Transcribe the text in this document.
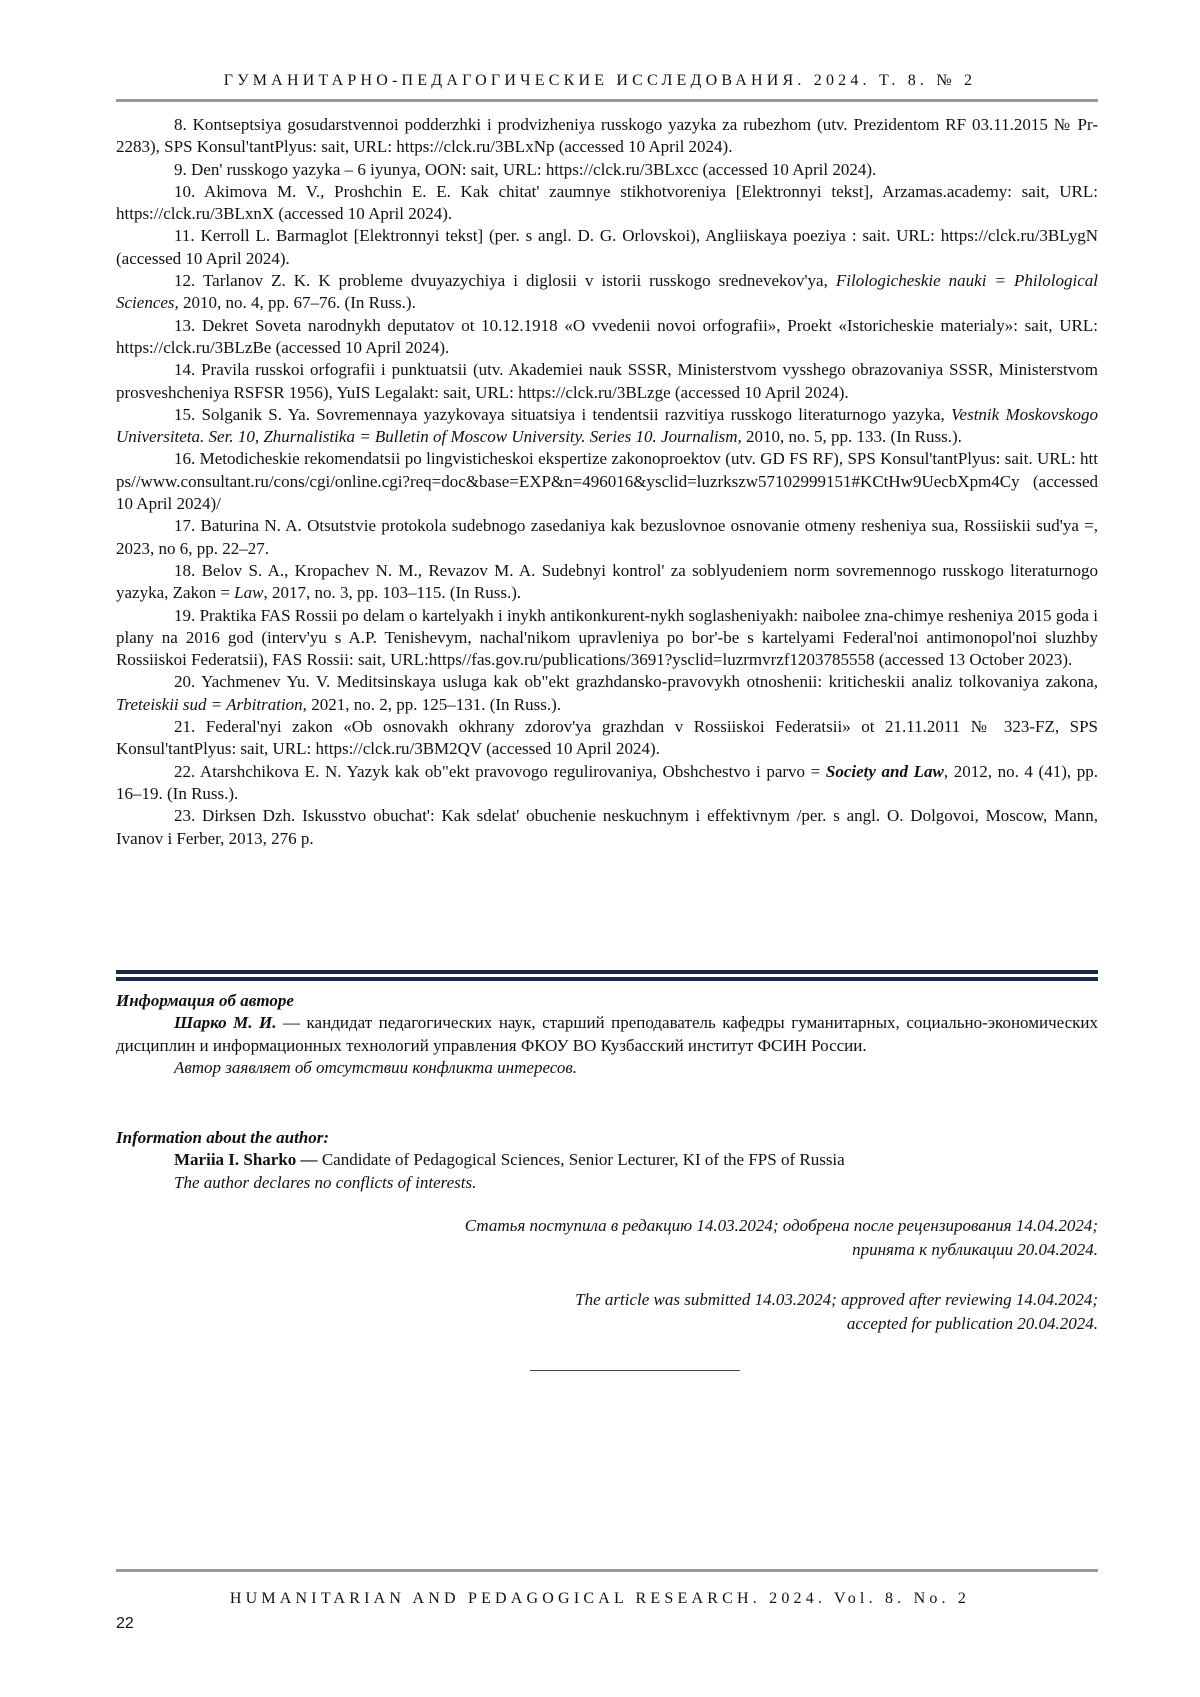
ГУМАНИТАРНО-ПЕДАГОГИЧЕСКИЕ ИССЛЕДОВАНИЯ. 2024. Т. 8. № 2

8. Kontseptsiya gosudarstvennoi podderzhki i prodvizheniya russkogo yazyka za rubezhom (utv. Prezidentom RF 03.11.2015 № Pr-2283), SPS Konsul'tantPlyus: sait, URL: https://clck.ru/3BLxNp (accessed 10 April 2024).

9. Den' russkogo yazyka – 6 iyunya, OON: sait, URL: https://clck.ru/3BLxcc (accessed 10 April 2024).

10. Akimova M. V., Proshchin E. E. Kak chitat' zaumnye stikhotvoreniya [Elektronnyi tekst], Arzamas.academy: sait, URL: https://clck.ru/3BLxnX (accessed 10 April 2024).

11. Kerroll L. Barmaglot [Elektronnyi tekst] (per. s angl. D. G. Orlovskoi), Angliiskaya poeziya : sait. URL: https://clck.ru/3BLygN (accessed 10 April 2024).

12. Tarlanov Z. K. K probleme dvuyazychiya i diglosii v istorii russkogo srednevekov'ya, Filologicheskie nauki = Philological Sciences, 2010, no. 4, pp. 67–76. (In Russ.).

13. Dekret Soveta narodnykh deputatov ot 10.12.1918 «O vvedenii novoi orfografii», Proekt «Istoricheskie materialy»: sait, URL: https://clck.ru/3BLzBe (accessed 10 April 2024).

14. Pravila russkoi orfografii i punktuatsii (utv. Akademiei nauk SSSR, Ministerstvom vysshego obrazovaniya SSSR, Ministerstvom prosveshcheniya RSFSR 1956), YuIS Legalakt: sait, URL: https://clck.ru/3BLzge (accessed 10 April 2024).

15. Solganik S. Ya. Sovremennaya yazykovaya situatsiya i tendentsii razvitiya russkogo literaturnogo yazyka, Vestnik Moskovskogo Universiteta. Ser. 10, Zhurnalistika = Bulletin of Moscow University. Series 10. Journalism, 2010, no. 5, pp. 133. (In Russ.).

16. Metodicheskie rekomendatsii po lingvisticheskoi ekspertize zakonoproektov (utv. GD FS RF), SPS Konsul'tantPlyus: sait. URL: https//www.consultant.ru/cons/cgi/online.cgi?req=doc&base=EXP&n=496016&ysclid=luzrkszw57102999151#KCtHw9UecbXpm4Cy (accessed 10 April 2024)/

17. Baturina N. A. Otsutstvie protokola sudebnogo zasedaniya kak bezuslovnoe osnovanie otmeny resheniya sua, Rossiiskii sud'ya =, 2023, no 6, pp. 22–27.

18. Belov S. A., Kropachev N. M., Revazov M. A. Sudebnyi kontrol' za soblyudeniem norm sovremennogo russkogo literaturnogo yazyka, Zakon = Law, 2017, no. 3, pp. 103–115. (In Russ.).

19. Praktika FAS Rossii po delam o kartelyakh i inykh antikonkurent-nykh soglasheniyakh: naibolee zna-chimye resheniya 2015 goda i plany na 2016 god (interv'yu s A.P. Tenishevym, nachal'nikom upravleniya po bor'-be s kartelyami Federal'noi antimonopol'noi sluzhby Rossiiskoi Federatsii), FAS Rossii: sait, URL:https//fas.gov.ru/publications/3691?ysclid=luzrmvrzf1203785558 (accessed 13 October 2023).

20. Yachmenev Yu. V. Meditsinskaya usluga kak ob"ekt grazhdansko-pravovykh otnoshenii: kriticheskii analiz tolkovaniya zakona, Treteiskii sud = Arbitration, 2021, no. 2, pp. 125–131. (In Russ.).

21. Federal'nyi zakon «Ob osnovakh okhrany zdorov'ya grazhdan v Rossiiskoi Federatsii» ot 21.11.2011 № 323-FZ, SPS Konsul'tantPlyus: sait, URL: https://clck.ru/3BM2QV (accessed 10 April 2024).

22. Atarshchikova E. N. Yazyk kak ob"ekt pravovogo regulirovaniya, Obshchestvo i parvo = Society and Law, 2012, no. 4 (41), pp. 16–19. (In Russ.).

23. Dirksen Dzh. Iskusstvo obuchat': Kak sdelat' obuchenie neskuchnym i effektivnym /per. s angl. O. Dolgovoi, Moscow, Mann, Ivanov i Ferber, 2013, 276 p.

Информация об авторе

Шарко М. И. — кандидат педагогических наук, старший преподаватель кафедры гуманитарных, социально-экономических дисциплин и информационных технологий управления ФКОУ ВО Кузбасский институт ФСИН России.

Автор заявляет об отсутствии конфликта интересов.

Information about the author:

Mariia I. Sharko — Candidate of Pedagogical Sciences, Senior Lecturer, KI of the FPS of Russia

The author declares no conflicts of interests.

Статья поступила в редакцию 14.03.2024; одобрена после рецензирования 14.04.2024;
принята к публикации 20.04.2024.
The article was submitted 14.03.2024; approved after reviewing 14.04.2024;
accepted for publication 20.04.2024.
HUMANITARIAN AND PEDAGOGICAL RESEARCH. 2024. Vol. 8. No. 2
22
